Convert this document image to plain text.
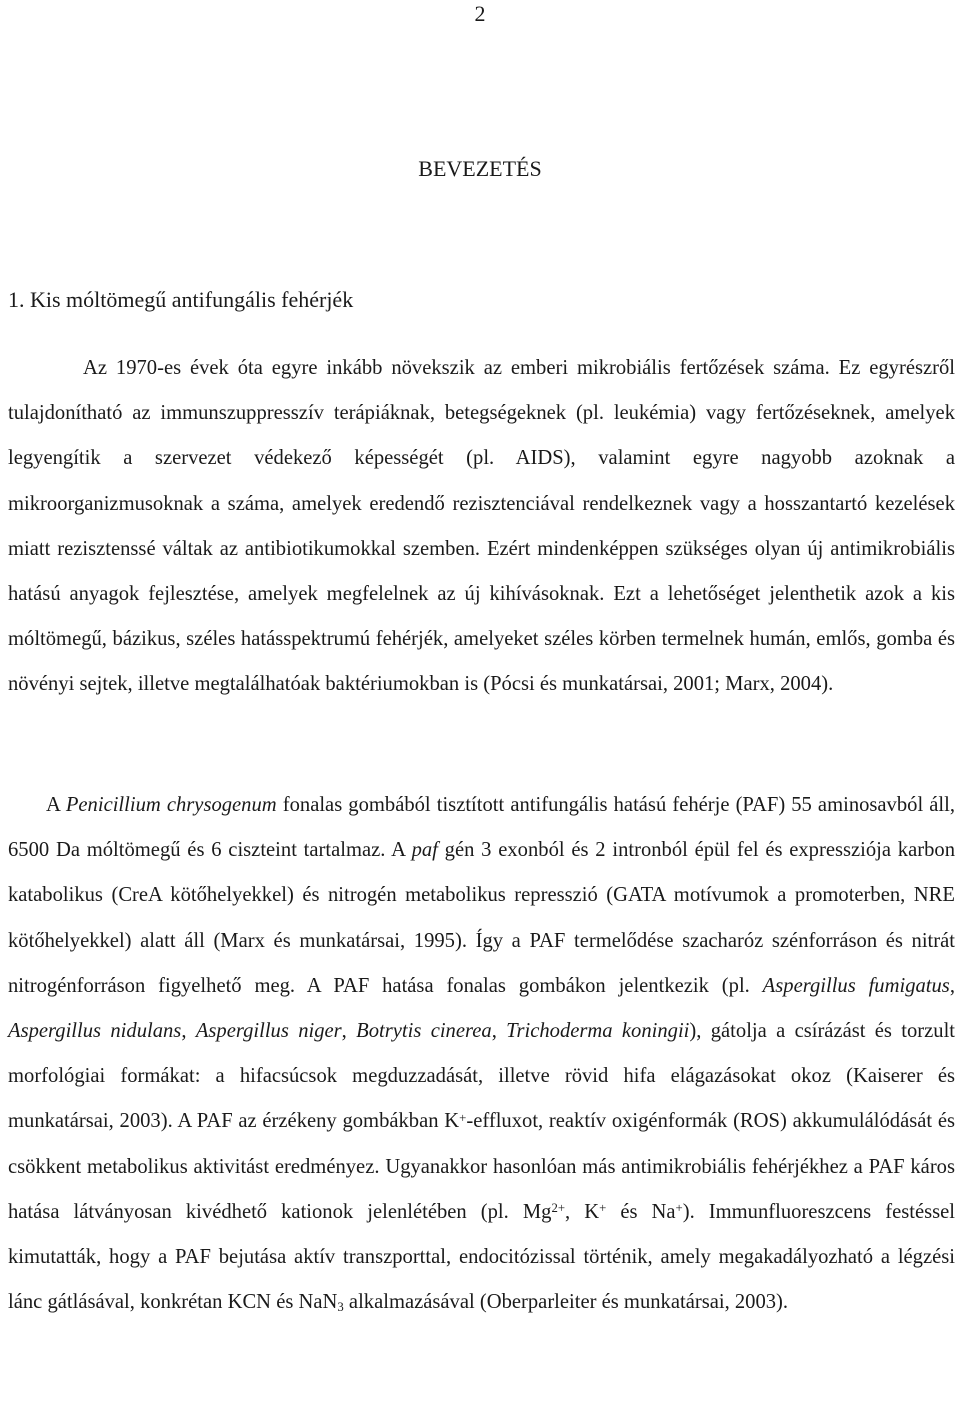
2
BEVEZETÉS
1. Kis móltömegű antifungális fehérjék

Az 1970-es évek óta egyre inkább növekszik az emberi mikrobiális fertőzések száma. Ez egyrészről tulajdonítható az immunszuppresszív terápiáknak, betegségeknek (pl. leukémia) vagy fertőzéseknek, amelyek legyengítik a szervezet védekező képességét (pl. AIDS), valamint egyre nagyobb azoknak a mikroorganizmusoknak a száma, amelyek eredendő rezisztenciával rendelkeznek vagy a hosszantartó kezelések miatt rezisztenssé váltak az antibiotikumokkal szemben. Ezért mindenképpen szükséges olyan új antimikrobiális hatású anyagok fejlesztése, amelyek megfelelnek az új kihívásoknak. Ezt a lehetőséget jelenthetik azok a kis móltömegű, bázikus, széles hatásspektrumú fehérjék, amelyeket széles körben termelnek humán, emlős, gomba és növényi sejtek, illetve megtalálhatóak baktériumokban is (Pócsi és munkatársai, 2001; Marx, 2004).

A Penicillium chrysogenum fonalas gombából tisztított antifungális hatású fehérje (PAF) 55 aminosavból áll, 6500 Da móltömegű és 6 ciszteint tartalmaz. A paf gén 3 exonból és 2 intronból épül fel és expressziója karbon katabolikus (CreA kötőhelyekkel) és nitrogén metabolikus represszió (GATA motívumok a promoterben, NRE kötőhelyekkel) alatt áll (Marx és munkatársai, 1995). Így a PAF termelődése szacharóz szénforráson és nitrát nitrogénforráson figyelhető meg. A PAF hatása fonalas gombákon jelentkezik (pl. Aspergillus fumigatus, Aspergillus nidulans, Aspergillus niger, Botrytis cinerea, Trichoderma koningii), gátolja a csírázást és torzult morfológiai formákat: a hifacsúcsok megduzzadását, illetve rövid hifa elágazásokat okoz (Kaiserer és munkatársai, 2003). A PAF az érzékeny gombákban K+-effluxot, reaktív oxigénformák (ROS) akkumulálódását és csökkent metabolikus aktivitást eredményez. Ugyanakkor hasonlóan más antimikrobiális fehérjékhez a PAF káros hatása látványosan kivédhető kationok jelenlétében (pl. $Mg^{2+}$, K+ és Na+). Immunfluoreszcens festéssel kimutatták, hogy a PAF bejutása aktív transzporttal, endocitózissal történik, amely megakadályozható a légzési lánc gátlásával, konkrétan KCN és NaN$_3$ alkalmazásával (Oberparleiter és munkatársai, 2003).
